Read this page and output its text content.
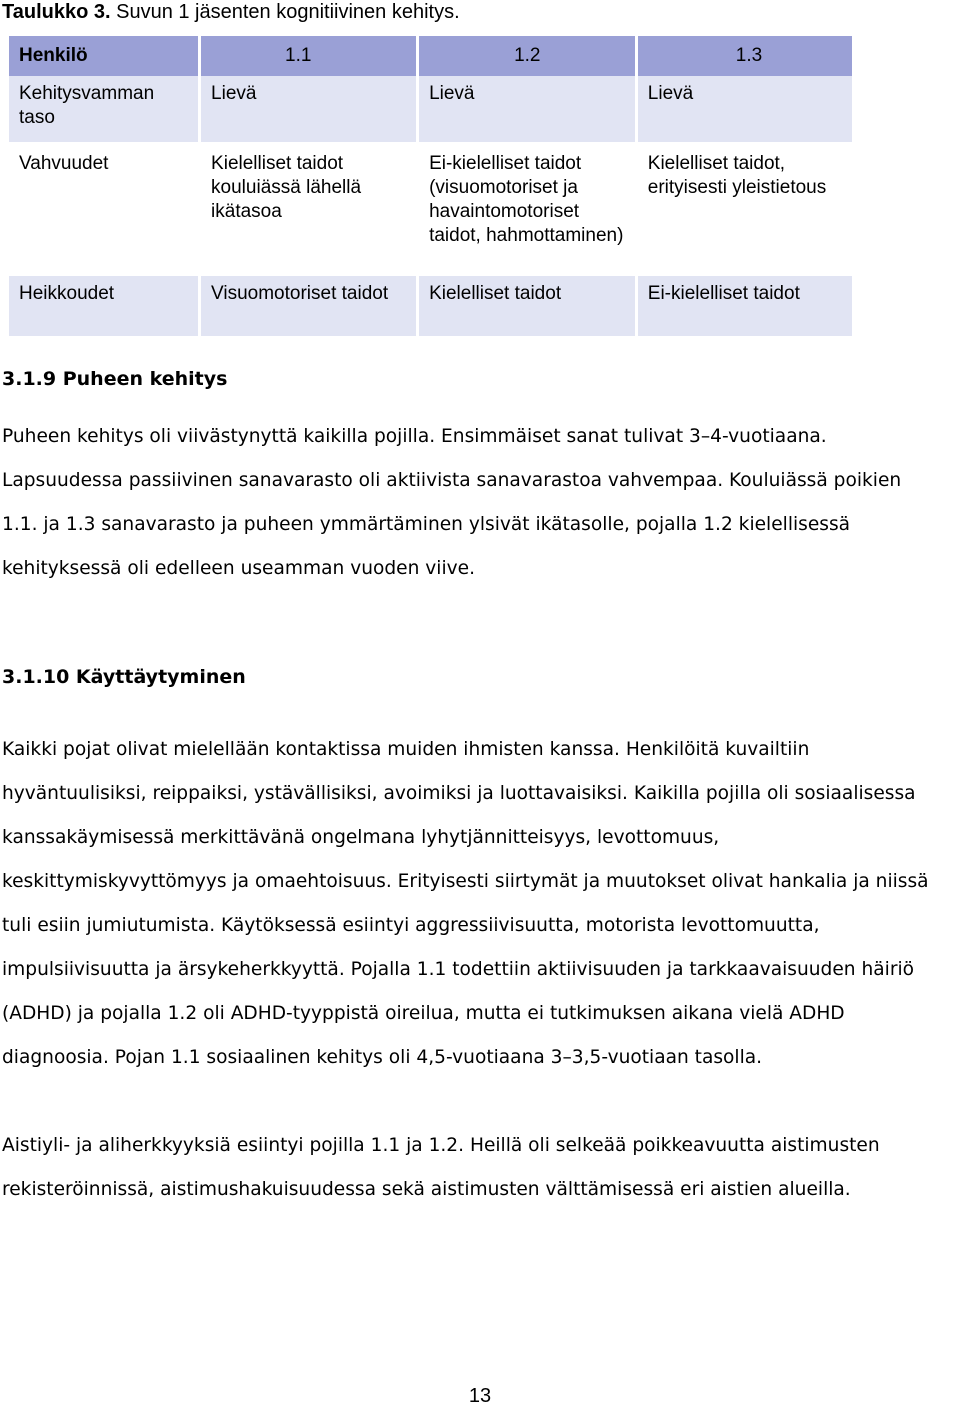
Taulukko 3. Suvun 1 jäsenten kognitiivinen kehitys.
Henkilö	1.1	1.2	1.3

Kehitysvamman taso	Lievä	Lievä	Lievä
Vahvuudet	Kielelliset taidot kouluiässä lähellä ikätasoa	Ei-kielelliset taidot (visuomotoriset ja havaintomotoriset taidot, hahmottaminen)	Kielelliset taidot, erityisesti yleistietous
Heikkoudet	Visuomotoriset taidot	Kielelliset taidot	Ei-kielelliset taidot
3.1.9 Puheen kehitys
Puheen kehitys oli viivästynyttä kaikilla pojilla. Ensimmäiset sanat tulivat 3–4-vuotiaana.
Lapsuudessa passiivinen sanavarasto oli aktiivista sanavarastoa vahvempaa. Kouluiässä poikien
1.1. ja 1.3 sanavarasto ja puheen ymmärtäminen ylsivät ikätasolle, pojalla 1.2 kielellisessä
kehityksessä oli edelleen useamman vuoden viive.
3.1.10 Käyttäytyminen
Kaikki pojat olivat mielellään kontaktissa muiden ihmisten kanssa. Henkilöitä kuvailtiin
hyväntuulisiksi, reippaiksi, ystävällisiksi, avoimiksi ja luottavaisiksi. Kaikilla pojilla oli sosiaalisessa
kanssakäymisessä merkittävänä ongelmana lyhytjännitteisyys, levottomuus,
keskittymiskyvyttömyys ja omaehtoisuus. Erityisesti siirtymät ja muutokset olivat hankalia ja niissä
tuli esiin jumiutumista. Käytöksessä esiintyi aggressiivisuutta, motorista levottomuutta,
impulsiivisuutta ja ärsykeherkkyyttä. Pojalla 1.1 todettiin aktiivisuuden ja tarkkaavaisuuden häiriö
(ADHD) ja pojalla 1.2 oli ADHD-tyyppistä oireilua, mutta ei tutkimuksen aikana vielä ADHD
diagnoosia. Pojan 1.1 sosiaalinen kehitys oli 4,5-vuotiaana 3–3,5-vuotiaan tasolla.
Aistiyli- ja aliherkkyyksiä esiintyi pojilla 1.1 ja 1.2. Heillä oli selkeää poikkeavuutta aistimusten
rekisteröinnissä, aistimushakuisuudessa sekä aistimusten välttämisessä eri aistien alueilla.
13
